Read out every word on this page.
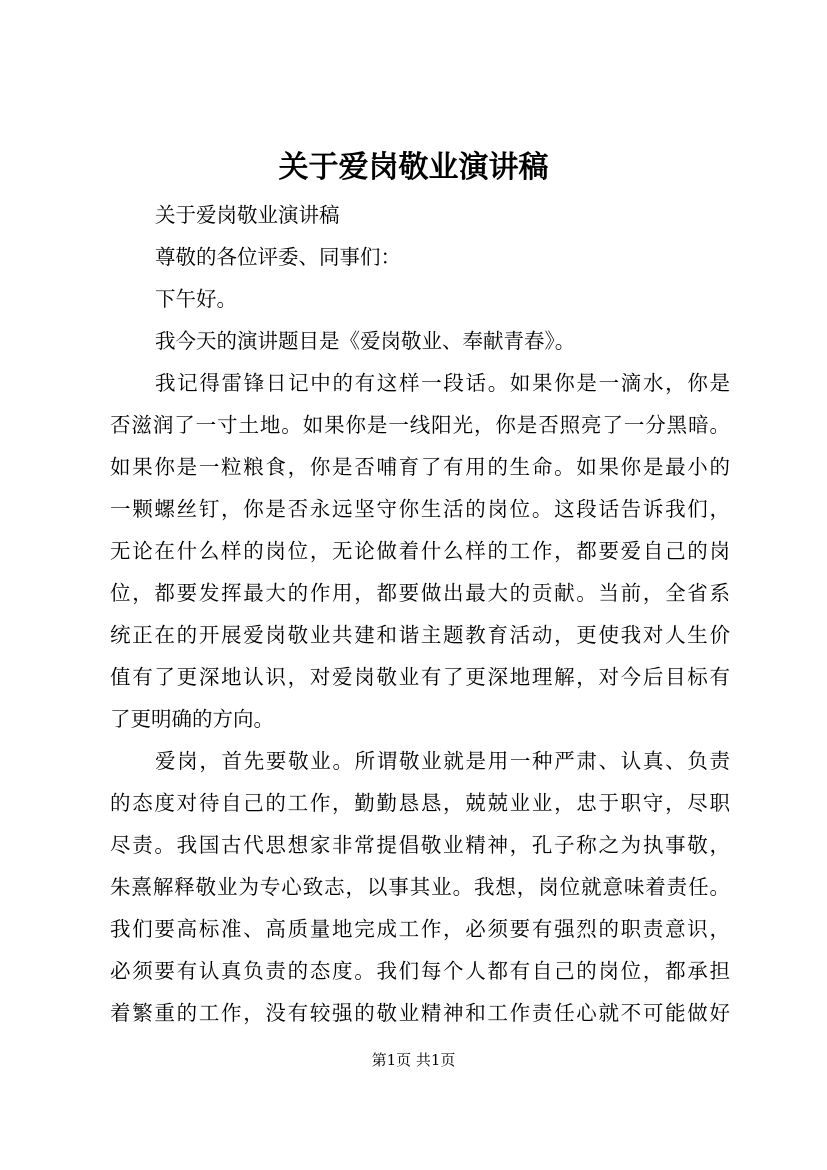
关于爱岗敬业演讲稿

关于爱岗敬业演讲稿

尊敬的各位评委、同事们：

下午好。

我今天的演讲题目是《爱岗敬业、奉献青春》。

我记得雷锋日记中的有这样一段话。如果你是一滴水，你是

否滋润了一寸土地。如果你是一线阳光，你是否照亮了一分黑暗。

如果你是一粒粮食，你是否哺育了有用的生命。如果你是最小的

一颗螺丝钉，你是否永远坚守你生活的岗位。这段话告诉我们，

无论在什么样的岗位，无论做着什么样的工作，都要爱自己的岗

位，都要发挥最大的作用，都要做出最大的贡献。当前，全省系

统正在的开展爱岗敬业共建和谐主题教育活动，更使我对人生价

值有了更深地认识，对爱岗敬业有了更深地理解，对今后目标有

了更明确的方向。

爱岗，首先要敬业。所谓敬业就是用一种严肃、认真、负责

的态度对待自己的工作，勤勤恳恳，兢兢业业，忠于职守，尽职

尽责。我国古代思想家非常提倡敬业精神，孔子称之为执事敬，

朱熹解释敬业为专心致志，以事其业。我想，岗位就意味着责任。

我们要高标准、高质量地完成工作，必须要有强烈的职责意识，

必须要有认真负责的态度。我们每个人都有自己的岗位，都承担

着繁重的工作，没有较强的敬业精神和工作责任心就不可能做好

第1页 共1页
